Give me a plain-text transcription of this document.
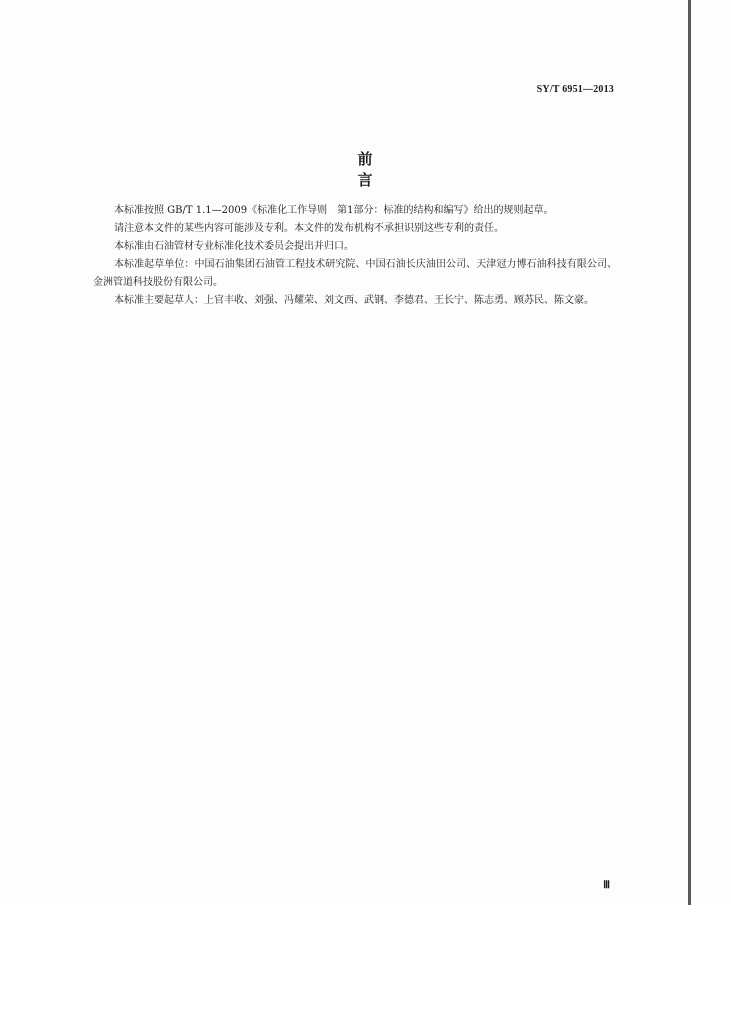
SY/T 6951—2013
前　　言

本标准按照 GB/T 1.1—2009《标准化工作导则　第1部分：标准的结构和编写》给出的规则起草。

请注意本文件的某些内容可能涉及专利。本文件的发布机构不承担识别这些专利的责任。

本标准由石油管材专业标准化技术委员会提出并归口。

本标准起草单位：中国石油集团石油管工程技术研究院、中国石油长庆油田公司、天津冠力博石油科技有限公司、金洲管道科技股份有限公司。

本标准主要起草人：上官丰收、刘强、冯耀荣、刘文西、武钢、李德君、王长宁、陈志勇、顾苏民、陈文豪。

Ⅲ
